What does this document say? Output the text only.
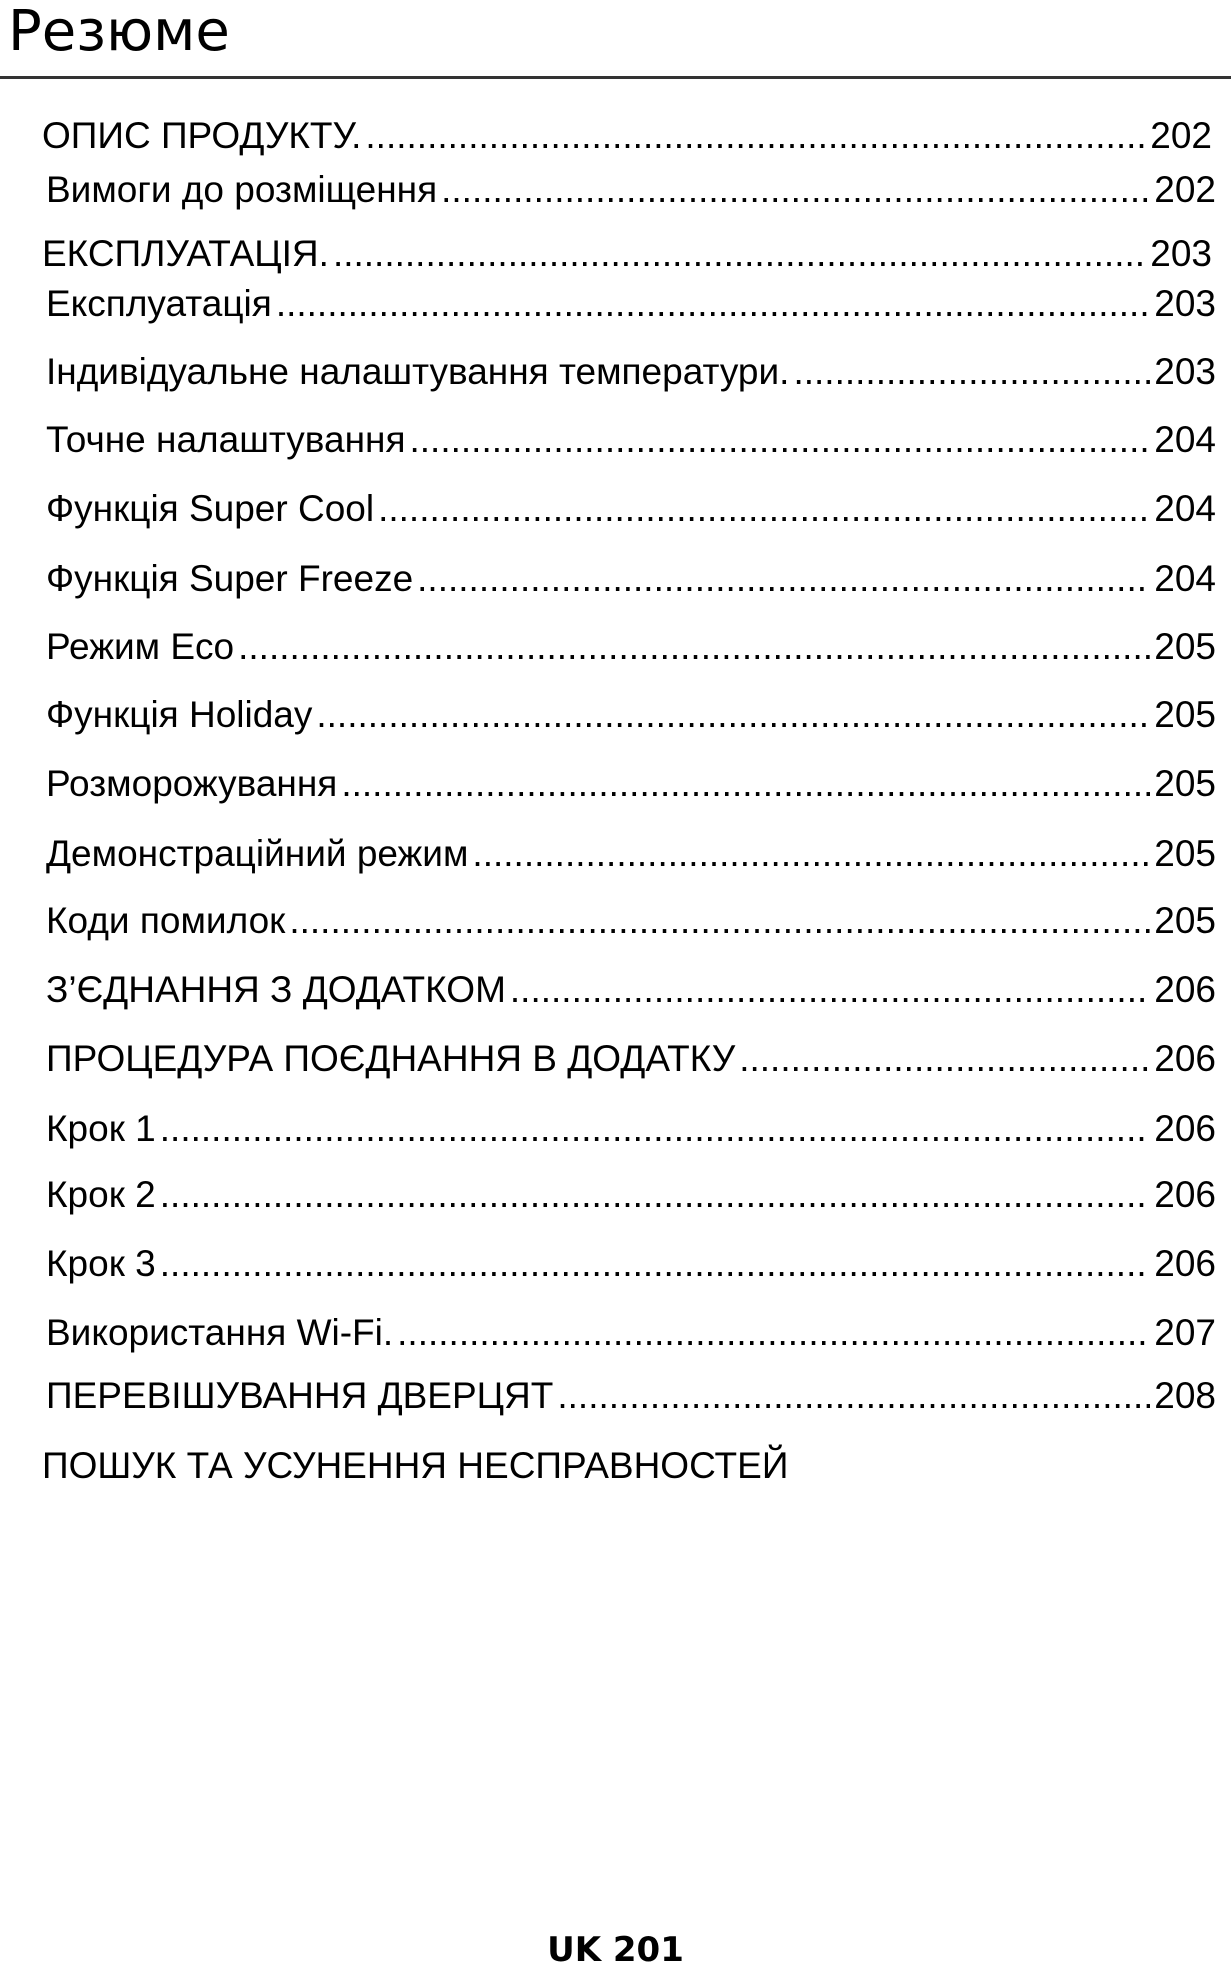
Резюме
ОПИС ПРОДУКТУ. .....	202
Вимоги до розміщення .....	202
ЕКСПЛУАТАЦІЯ. .....	203
Експлуатація .....	203
Індивідуальне налаштування температури. .....	203
Точне налаштування .....	204
Функція Super Cool .....	204
Функція Super Freeze .....	204
Режим Eco .....	205
Функція Holiday .....	205
Розморожування .....	205
Демонстраційний режим .....	205
Коди помилок .....	205
З’ЄДНАННЯ З ДОДАТКОМ .....	206
ПРОЦЕДУРА ПОЄДНАННЯ В ДОДАТКУ .....	206
Крок 1 .....	206
Крок 2 .....	206
Крок 3 .....	206
Використання Wi-Fi. .....	207
ПЕРЕВІШУВАННЯ ДВЕРЦЯТ .....	208
ПОШУК ТА УСУНЕННЯ НЕСПРАВНОСТЕЙ
UK 201
